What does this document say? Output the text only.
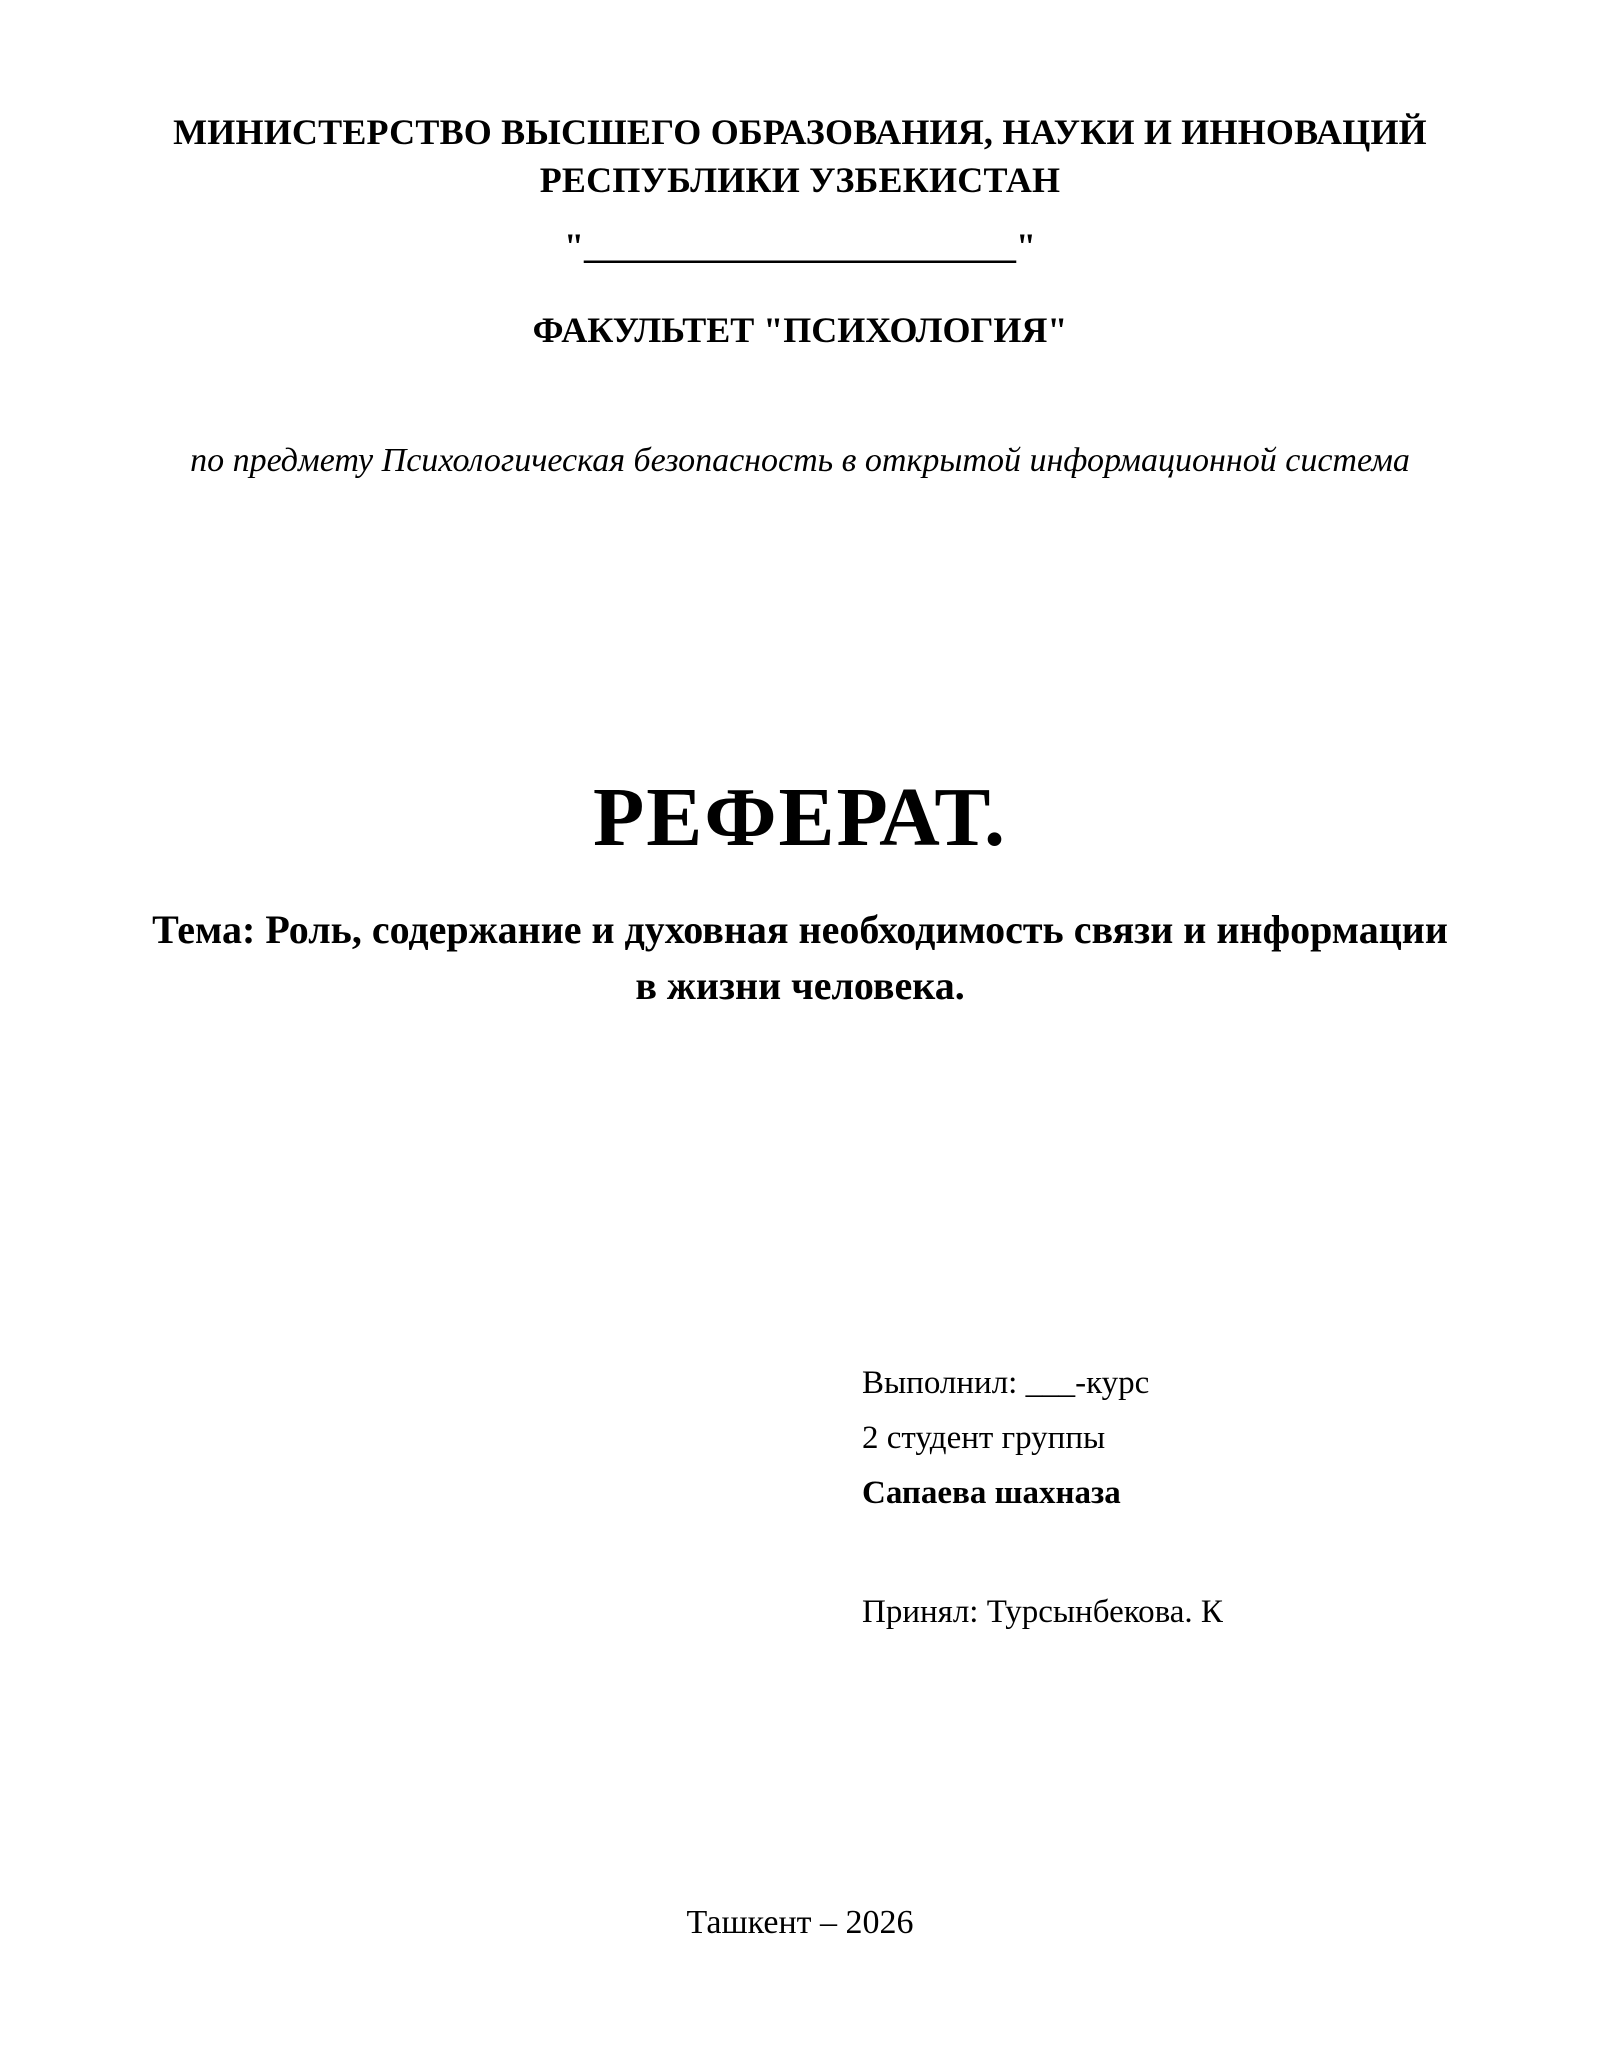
МИНИСТЕРСТВО ВЫСШЕГО ОБРАЗОВАНИЯ, НАУКИ И ИННОВАЦИЙ
РЕСПУБЛИКИ УЗБЕКИСТАН
"________________________"
ФАКУЛЬТЕТ "ПСИХОЛОГИЯ"
по предмету Психологическая безопасность в открытой информационной система
РЕФЕРАТ.
Тема: Роль, содержание и духовная необходимость связи и информации
в жизни человека.
Выполнил: ___-курс
2 студент группы
Сапаева шахназа
Принял: Турсынбекова. К
Ташкент – 2026
